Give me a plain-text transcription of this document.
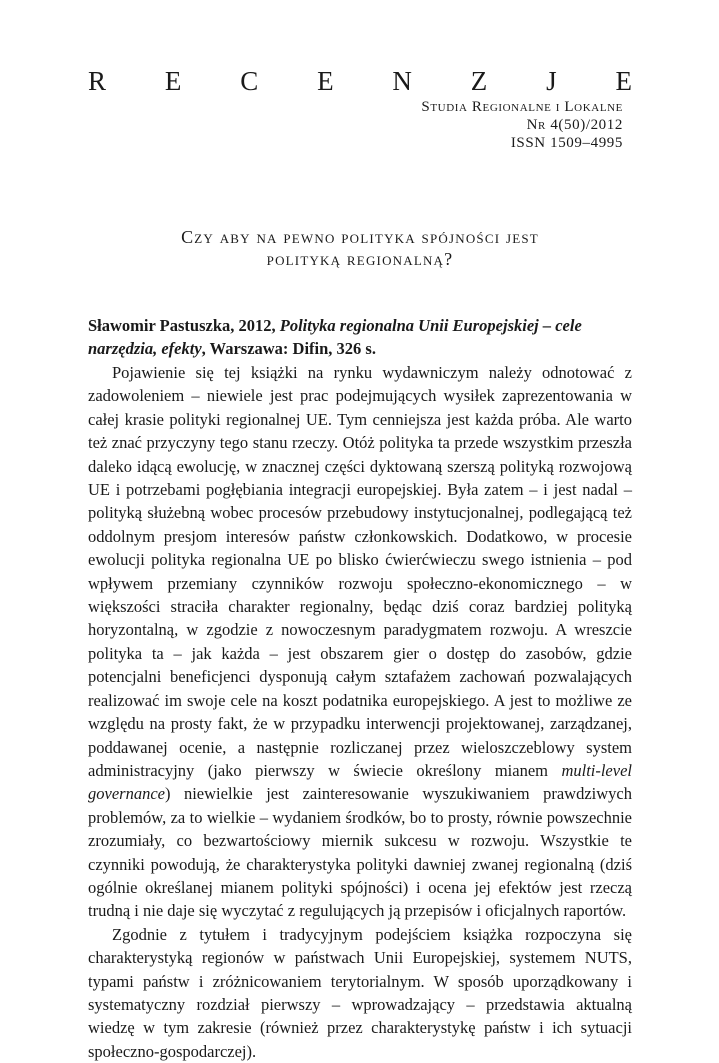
R E C E N Z J E
Studia Regionalne i Lokalne
Nr 4(50)/2012
ISSN 1509–4995
Czy aby na pewno polityka spójności jest
polityką regionalną?

Sławomir Pastuszka, 2012, Polityka regionalna Unii Europejskiej – cele narzędzia, efekty, Warszawa: Difin, 326 s.

Pojawienie się tej książki na rynku wydawniczym należy odnotować z zadowoleniem – niewiele jest prac podejmujących wysiłek zaprezentowania w całej krasie polityki regionalnej UE. Tym cenniejsza jest każda próba. Ale warto też znać przyczyny tego stanu rzeczy. Otóż polityka ta przede wszystkim przeszła daleko idącą ewolucję, w znacznej części dyktowaną szerszą polityką rozwojową UE i potrzebami pogłębiania integracji europejskiej. Była zatem – i jest nadal – polityką służebną wobec procesów przebudowy instytucjonalnej, podlegającą też oddolnym presjom interesów państw członkowskich. Dodatkowo, w procesie ewolucji polityka regionalna UE po blisko ćwierćwieczu swego istnienia – pod wpływem przemiany czynników rozwoju społeczno-ekonomicznego – w większości straciła charakter regionalny, będąc dziś coraz bardziej polityką horyzontalną, w zgodzie z nowoczesnym paradygmatem rozwoju. A wreszcie polityka ta – jak każda – jest obszarem gier o dostęp do zasobów, gdzie potencjalni beneficjenci dysponują całym sztafażem zachowań pozwalających realizować im swoje cele na koszt podatnika europejskiego. A jest to możliwe ze względu na prosty fakt, że w przypadku interwencji projektowanej, zarządzanej, poddawanej ocenie, a następnie rozliczanej przez wieloszczeblowy system administracyjny (jako pierwszy w świecie określony mianem multi-level governance) niewielkie jest zainteresowanie wyszukiwaniem prawdziwych problemów, za to wielkie – wydaniem środków, bo to prosty, równie powszechnie zrozumiały, co bezwartościowy miernik sukcesu w rozwoju. Wszystkie te czynniki powodują, że charakterystyka polityki dawniej zwanej regionalną (dziś ogólnie określanej mianem polityki spójności) i ocena jej efektów jest rzeczą trudną i nie daje się wyczytać z regulujących ją przepisów i oficjalnych raportów.

Zgodnie z tytułem i tradycyjnym podejściem książka rozpoczyna się charakterystyką regionów w państwach Unii Europejskiej, systemem NUTS, typami państw i zróżnicowaniem terytorialnym. W sposób uporządkowany i systematyczny rozdział pierwszy – wprowadzający – przedstawia aktualną wiedzę w tym zakresie (również przez charakterystykę państw i ich sytuacji społeczno-gospodarczej).
